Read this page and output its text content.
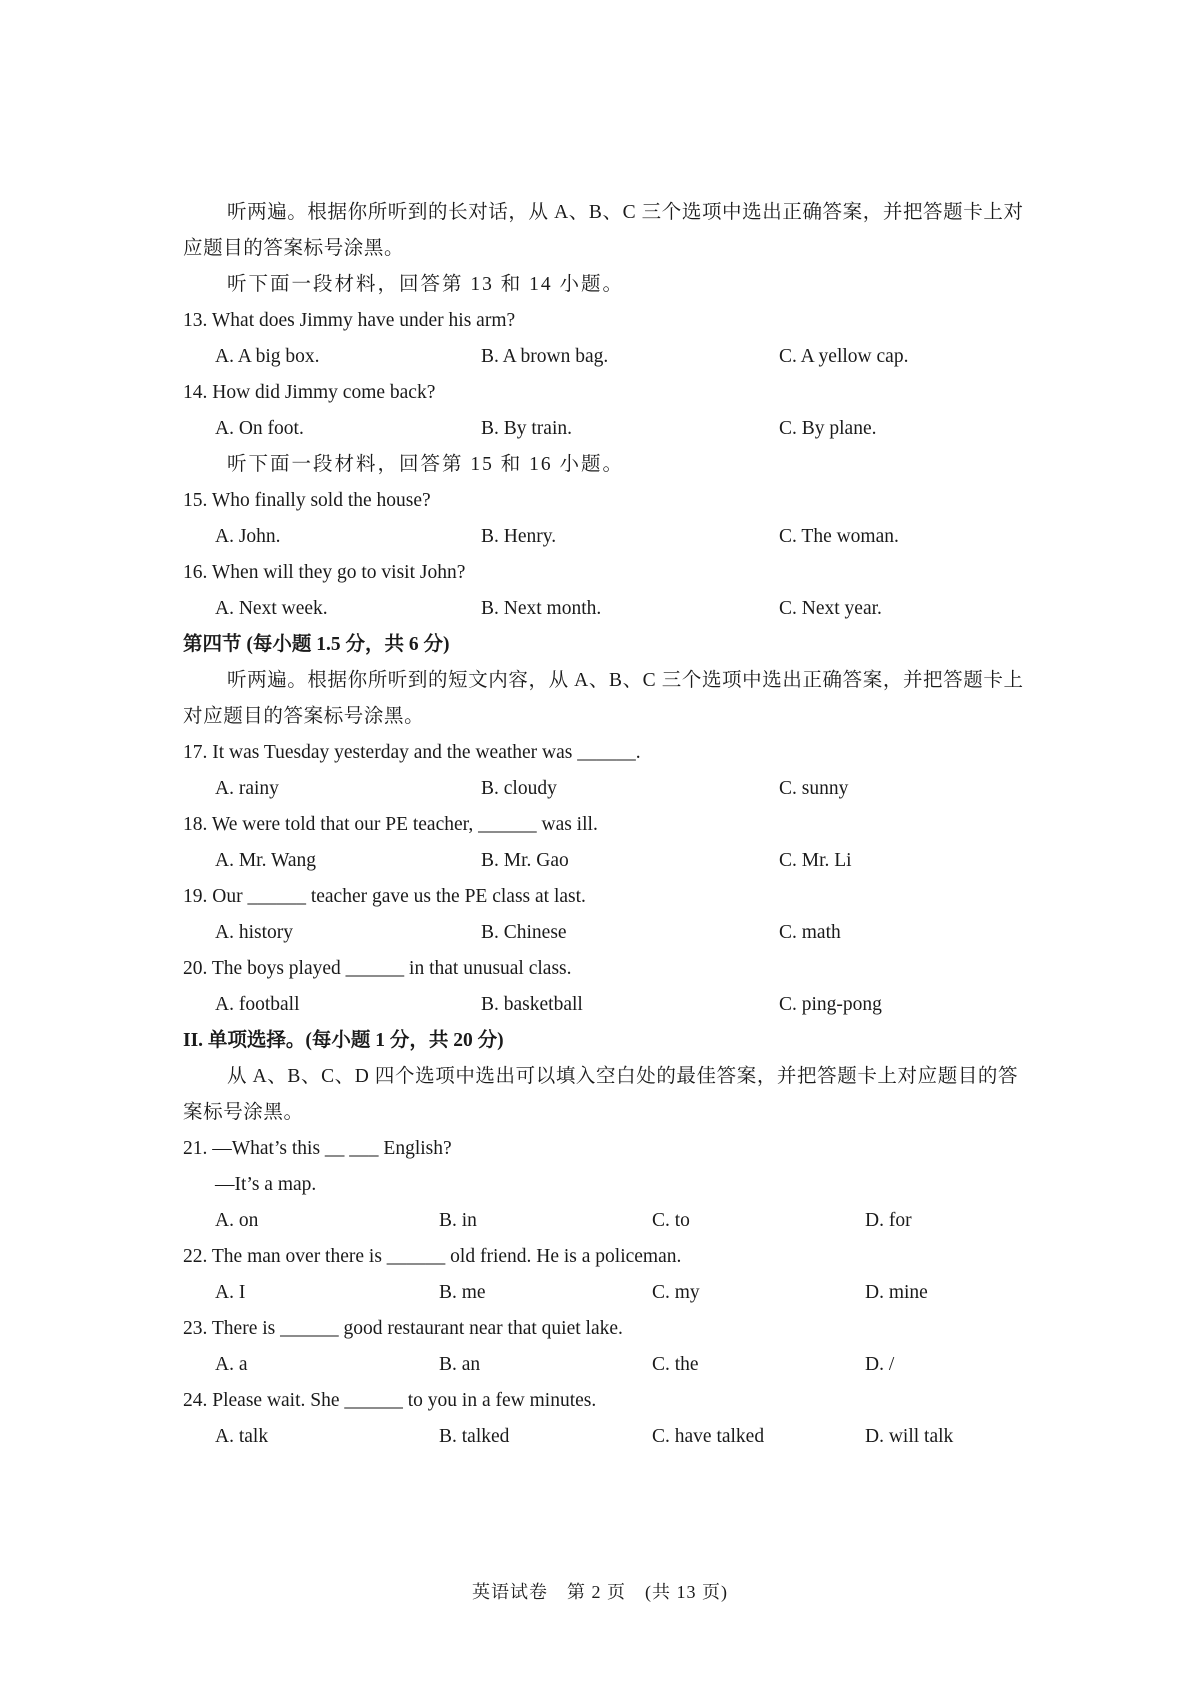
听两遍。根据你所听到的长对话，从 A、B、C 三个选项中选出正确答案，并把答题卡上对应题目的答案标号涂黑。
听下面一段材料，回答第 13 和 14 小题。
13. What does Jimmy have under his arm?
A. A big box.	B. A brown bag.	C. A yellow cap.
14. How did Jimmy come back?
A. On foot.	B. By train.	C. By plane.
听下面一段材料，回答第 15 和 16 小题。
15. Who finally sold the house?
A. John.	B. Henry.	C. The woman.
16. When will they go to visit John?
A. Next week.	B. Next month.	C. Next year.
第四节 (每小题 1.5 分，共 6 分)
听两遍。根据你所听到的短文内容，从 A、B、C 三个选项中选出正确答案，并把答题卡上对应题目的答案标号涂黑。
17. It was Tuesday yesterday and the weather was ______.
A. rainy	B. cloudy	C. sunny
18. We were told that our PE teacher, ______ was ill.
A. Mr. Wang	B. Mr. Gao	C. Mr. Li
19. Our ______ teacher gave us the PE class at last.
A. history	B. Chinese	C. math
20. The boys played ______ in that unusual class.
A. football	B. basketball	C. ping-pong
II. 单项选择。(每小题 1 分，共 20 分)
从 A、B、C、D 四个选项中选出可以填入空白处的最佳答案，并把答题卡上对应题目的答案标号涂黑。
21. —What’s this __ ___ English?
—It’s a map.
A. on	B. in	C. to	D. for
22. The man over there is ______ old friend. He is a policeman.
A. I	B. me	C. my	D. mine
23. There is ______ good restaurant near that quiet lake.
A. a	B. an	C. the	D. /
24. Please wait. She ______ to you in a few minutes.
A. talk	B. talked	C. have talked	D. will talk
英语试卷　第 2 页　(共 13 页)
